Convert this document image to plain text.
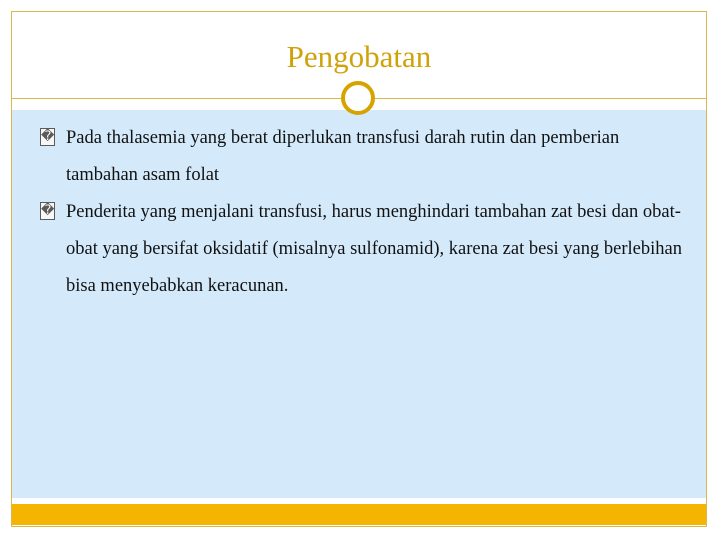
Pengobatan

� Pada thalasemia yang berat diperlukan transfusi darah rutin dan pemberian tambahan asam folat

� Penderita yang menjalani transfusi, harus menghindari tambahan zat besi dan obat-obat yang bersifat oksidatif (misalnya sulfonamid), karena zat besi yang berlebihan bisa menyebabkan keracunan.
